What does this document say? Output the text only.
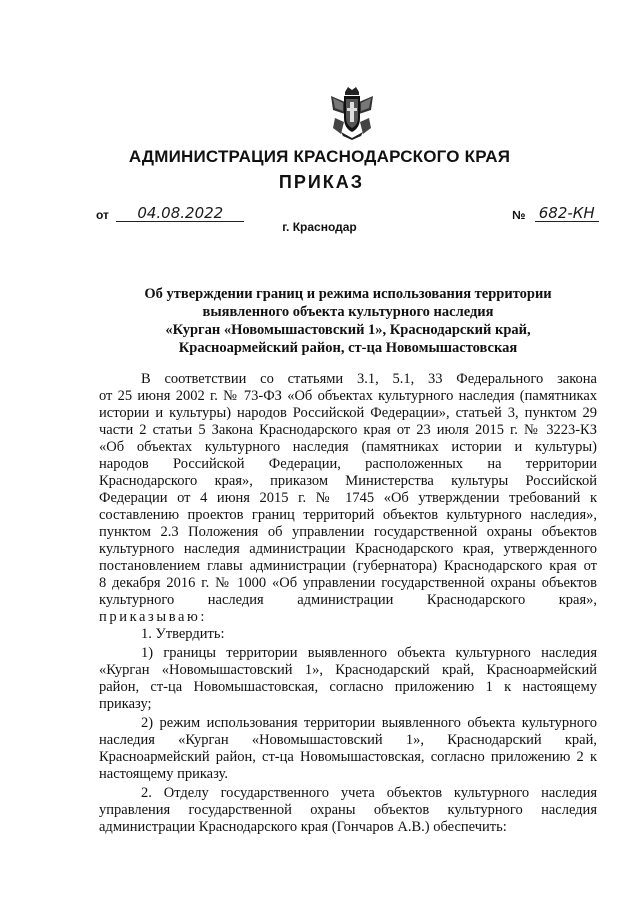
АДМИНИСТРАЦИЯ КРАСНОДАРСКОГО КРАЯ
ПРИКАЗ
от 04.08.2022	№ 682-КН
г. Краснодар
Об утверждении границ и режима использования территории
выявленного объекта культурного наследия
«Курган «Новомышастовский 1», Краснодарский край,
Красноармейский район, ст-ца Новомышастовская
В соответствии со статьями 3.1, 5.1, 33 Федерального закона
от 25 июня 2002 г. № 73-ФЗ «Об объектах культурного наследия (памятниках
истории и культуры) народов Российской Федерации», статьей 3, пунктом 29
части 2 статьи 5 Закона Краснодарского края от 23 июля 2015 г. № 3223-КЗ
«Об объектах культурного наследия (памятниках истории и культуры)
народов Российской Федерации, расположенных на территории
Краснодарского края», приказом Министерства культуры Российской
Федерации от 4 июня 2015 г. № 1745 «Об утверждении требований к
составлению проектов границ территорий объектов культурного наследия»,
пунктом 2.3 Положения об управлении государственной охраны объектов
культурного наследия администрации Краснодарского края, утвержденного
постановлением главы администрации (губернатора) Краснодарского края от
8 декабря 2016 г. № 1000 «Об управлении государственной охраны объектов
культурного наследия администрации Краснодарского края»,
приказываю:
1. Утвердить:
1) границы территории выявленного объекта культурного наследия
«Курган «Новомышастовский 1», Краснодарский край, Красноармейский
район, ст-ца Новомышастовская, согласно приложению 1 к настоящему
приказу;
2) режим использования территории выявленного объекта культурного
наследия «Курган «Новомышастовский 1», Краснодарский край,
Красноармейский район, ст-ца Новомышастовская, согласно приложению 2 к
настоящему приказу.
2. Отделу государственного учета объектов культурного наследия
управления государственной охраны объектов культурного наследия
администрации Краснодарского края (Гончаров А.В.) обеспечить:
